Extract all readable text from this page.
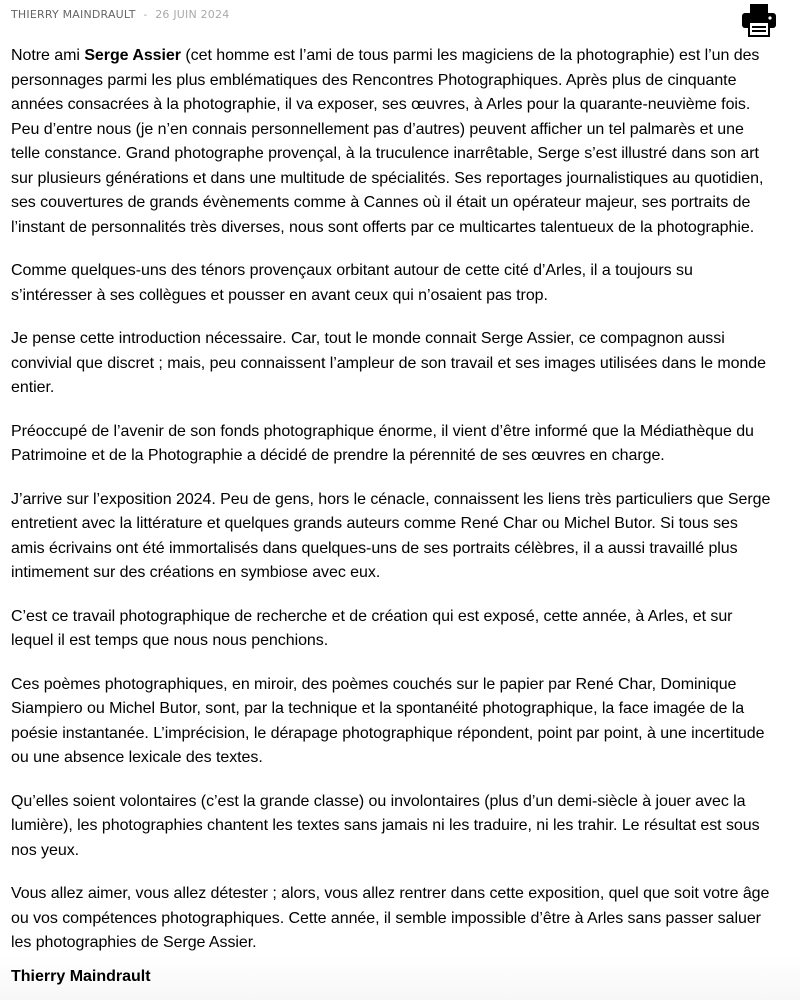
THIERRY MAINDRAULT - 26 JUIN 2024

Notre ami Serge Assier (cet homme est l’ami de tous parmi les magiciens de la photographie) est l’un des personnages parmi les plus emblématiques des Rencontres Photographiques. Après plus de cinquante années consacrées à la photographie, il va exposer, ses œuvres, à Arles pour la quarante-neuvième fois. Peu d’entre nous (je n’en connais personnellement pas d’autres) peuvent afficher un tel palmarès et une telle constance. Grand photographe provençal, à la truculence inarrêtable, Serge s’est illustré dans son art sur plusieurs générations et dans une multitude de spécialités. Ses reportages journalistiques au quotidien, ses couvertures de grands évènements comme à Cannes où il était un opérateur majeur, ses portraits de l’instant de personnalités très diverses, nous sont offerts par ce multicartes talentueux de la photographie.

Comme quelques-uns des ténors provençaux orbitant autour de cette cité d’Arles, il a toujours su s’intéresser à ses collègues et pousser en avant ceux qui n’osaient pas trop.

Je pense cette introduction nécessaire. Car, tout le monde connait Serge Assier, ce compagnon aussi convivial que discret ; mais, peu connaissent l’ampleur de son travail et ses images utilisées dans le monde entier.

Préoccupé de l’avenir de son fonds photographique énorme, il vient d’être informé que la Médiathèque du Patrimoine et de la Photographie a décidé de prendre la pérennité de ses œuvres en charge.

J’arrive sur l’exposition 2024. Peu de gens, hors le cénacle, connaissent les liens très particuliers que Serge entretient avec la littérature et quelques grands auteurs comme René Char ou Michel Butor. Si tous ses amis écrivains ont été immortalisés dans quelques-uns de ses portraits célèbres, il a aussi travaillé plus intimement sur des créations en symbiose avec eux.

C’est ce travail photographique de recherche et de création qui est exposé, cette année, à Arles, et sur lequel il est temps que nous nous penchions.

Ces poèmes photographiques, en miroir, des poèmes couchés sur le papier par René Char, Dominique Siampiero ou Michel Butor, sont, par la technique et la spontanéité photographique, la face imagée de la poésie instantanée. L’imprécision, le dérapage photographique répondent, point par point, à une incertitude ou une absence lexicale des textes.

Qu’elles soient volontaires (c’est la grande classe) ou involontaires (plus d’un demi-siècle à jouer avec la lumière), les photographies chantent les textes sans jamais ni les traduire, ni les trahir. Le résultat est sous nos yeux.

Vous allez aimer, vous allez détester ; alors, vous allez rentrer dans cette exposition, quel que soit votre âge ou vos compétences photographiques. Cette année, il semble impossible d’être à Arles sans passer saluer les photographies de Serge Assier.

Thierry Maindrault
